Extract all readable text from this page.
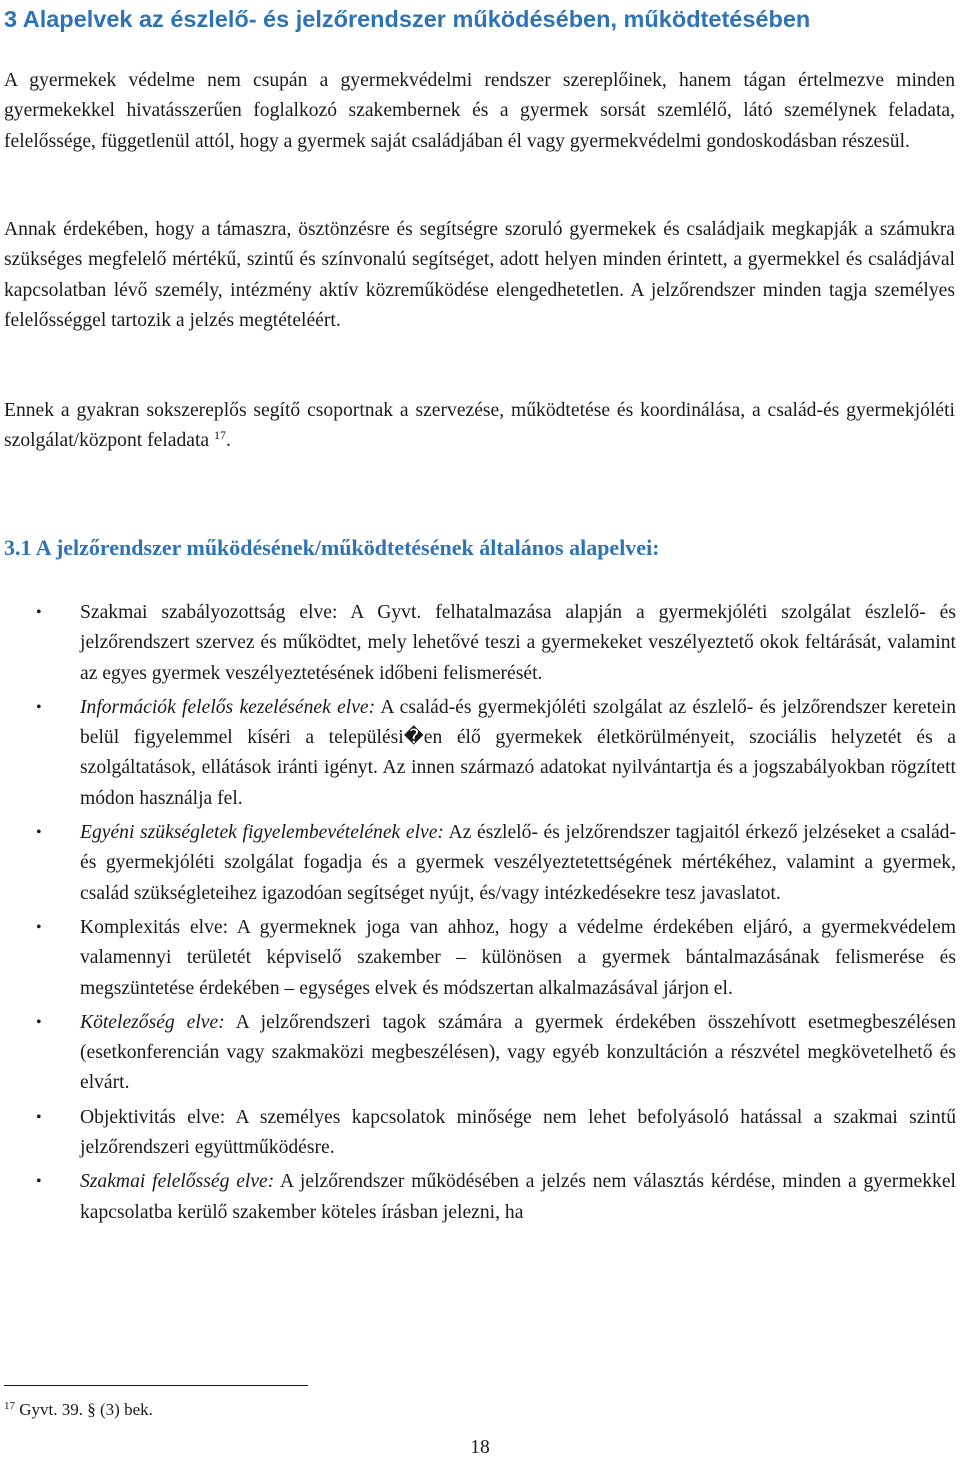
3 Alapelvek az észlelő- és jelzőrendszer működésében, működtetésében

A gyermekek védelme nem csupán a gyermekvédelmi rendszer szereplőinek, hanem tágan értelmezve minden gyermekekkel hivatásszerűen foglalkozó szakembernek és a gyermek sorsát szemlélő, látó személynek feladata, felelőssége, függetlenül attól, hogy a gyermek saját családjában él vagy gyermekvédelmi gondoskodásban részesül.

Annak érdekében, hogy a támaszra, ösztönzésre és segítségre szoruló gyermekek és családjaik megkapják a számukra szükséges megfelelő mértékű, szintű és színvonalú segítséget, adott helyen minden érintett, a gyermekkel és családjával kapcsolatban lévő személy, intézmény aktív közreműködése elengedhetetlen. A jelzőrendszer minden tagja személyes felelősséggel tartozik a jelzés megtételéért.

Ennek a gyakran sokszereplős segítő csoportnak a szervezése, működtetése és koordinálása, a család-és gyermekjóléti szolgálat/központ feladata $^{17}$.

3.1 A jelzőrendszer működésének/működtetésének általános alapelvei:
• Szakmai szabályozottság elve: A Gyvt. felhatalmazása alapján a gyermekjóléti szolgálat észlelő- és jelzőrendszert szervez és működtet, mely lehetővé teszi a gyermekeket veszélyeztető okok feltárását, valamint az egyes gyermek veszélyeztetésének időbeni felismerését.
• Információk felelős kezelésének elve: A család-és gyermekjóléti szolgálat az észlelő- és jelzőrendszer keretein belül figyelemmel kíséri a települési�en élő gyermekek életkörülményeit, szociális helyzetét és a szolgáltatások, ellátások iránti igényt. Az innen származó adatokat nyilvántartja és a jogszabályokban rögzített módon használja fel.
• Egyéni szükségletek figyelembevételének elve: Az észlelő- és jelzőrendszer tagjaitól érkező jelzéseket a család-és gyermekjóléti szolgálat fogadja és a gyermek veszélyeztetettségének mértékéhez, valamint a gyermek, család szükségleteihez igazodóan segítséget nyújt, és/vagy intézkedésekre tesz javaslatot.
• Komplexitás elve: A gyermeknek joga van ahhoz, hogy a védelme érdekében eljáró, a gyermekvédelem valamennyi területét képviselő szakember – különösen a gyermek bántalmazásának felismerése és megszüntetése érdekében – egységes elvek és módszertan alkalmazásával járjon el.
• Kötelezőség elve: A jelzőrendszeri tagok számára a gyermek érdekében összehívott esetmegbeszélésen (esetkonferencián vagy szakmaközi megbeszélésen), vagy egyéb konzultáción a részvétel megkövetelhető és elvárt.
• Objektivitás elve: A személyes kapcsolatok minősége nem lehet befolyásoló hatással a szakmai szintű jelzőrendszeri együttműködésre.
• Szakmai felelősség elve: A jelzőrendszer működésében a jelzés nem választás kérdése, minden a gyermekkel kapcsolatba kerülő szakember köteles írásban jelezni, ha

$^{17}$ Gyvt. 39. § (3) bek.

18
